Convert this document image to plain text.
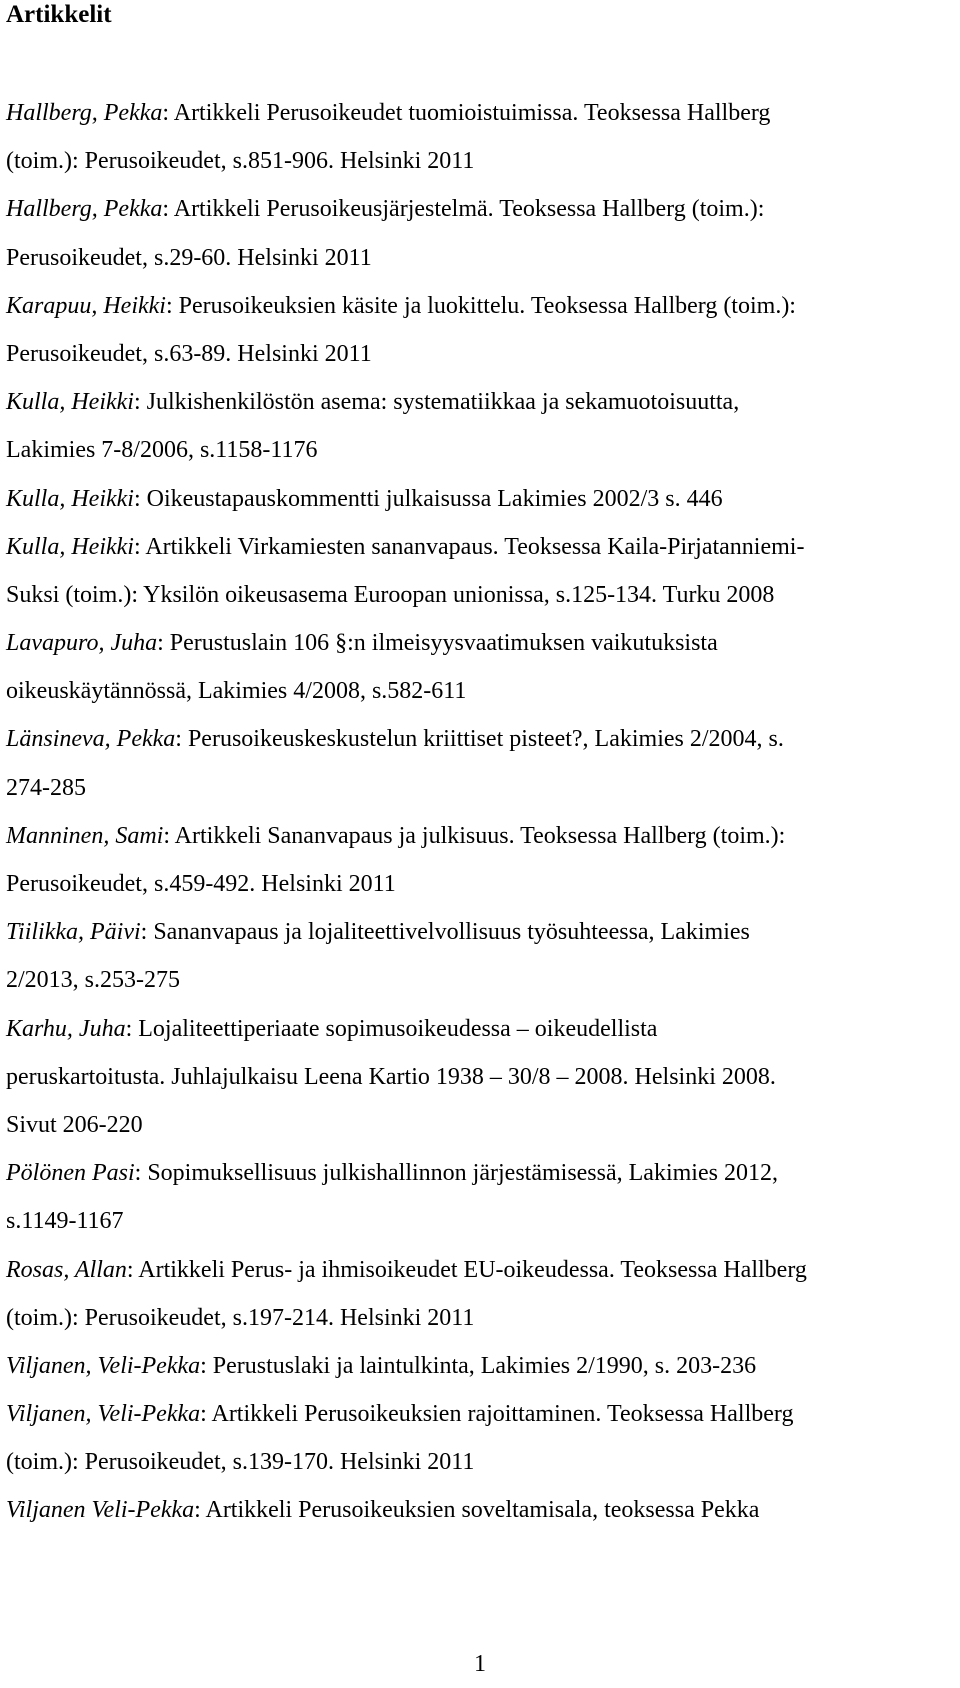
Artikkelit
Hallberg, Pekka: Artikkeli Perusoikeudet tuomioistuimissa. Teoksessa Hallberg
(toim.): Perusoikeudet, s.851-906. Helsinki 2011
Hallberg, Pekka: Artikkeli Perusoikeusjärjestelmä. Teoksessa Hallberg (toim.):
Perusoikeudet, s.29-60. Helsinki 2011
Karapuu, Heikki: Perusoikeuksien käsite ja luokittelu. Teoksessa Hallberg (toim.):
Perusoikeudet, s.63-89. Helsinki 2011
Kulla, Heikki: Julkishenkilöstön asema: systematiikkaa ja sekamuotoisuutta,
Lakimies 7-8/2006, s.1158-1176
Kulla, Heikki: Oikeustapauskommentti julkaisussa Lakimies 2002/3 s. 446
Kulla, Heikki: Artikkeli Virkamiesten sananvapaus. Teoksessa Kaila-Pirjatanniemi-
Suksi (toim.): Yksilön oikeusasema Euroopan unionissa, s.125-134. Turku 2008
Lavapuro, Juha: Perustuslain 106 §:n ilmeisyysvaatimuksen vaikutuksista
oikeuskäytännössä, Lakimies 4/2008, s.582-611
Länsineva, Pekka: Perusoikeuskeskustelun kriittiset pisteet?, Lakimies 2/2004, s.
274-285
Manninen, Sami: Artikkeli Sananvapaus ja julkisuus. Teoksessa Hallberg (toim.):
Perusoikeudet, s.459-492. Helsinki 2011
Tiilikka, Päivi: Sananvapaus ja lojaliteettivelvollisuus työsuhteessa, Lakimies
2/2013, s.253-275
Karhu, Juha: Lojaliteettiperiaate sopimusoikeudessa – oikeudellista
peruskartoitusta. Juhlajulkaisu Leena Kartio 1938 – 30/8 – 2008. Helsinki 2008.
Sivut 206-220
Pölönen Pasi: Sopimuksellisuus julkishallinnon järjestämisessä, Lakimies 2012,
s.1149-1167
Rosas, Allan: Artikkeli Perus- ja ihmisoikeudet EU-oikeudessa. Teoksessa Hallberg
(toim.): Perusoikeudet, s.197-214. Helsinki 2011
Viljanen, Veli-Pekka: Perustuslaki ja laintulkinta, Lakimies 2/1990, s. 203-236
Viljanen, Veli-Pekka: Artikkeli Perusoikeuksien rajoittaminen. Teoksessa Hallberg
(toim.): Perusoikeudet, s.139-170. Helsinki 2011
Viljanen Veli-Pekka: Artikkeli Perusoikeuksien soveltamisala, teoksessa Pekka
1
